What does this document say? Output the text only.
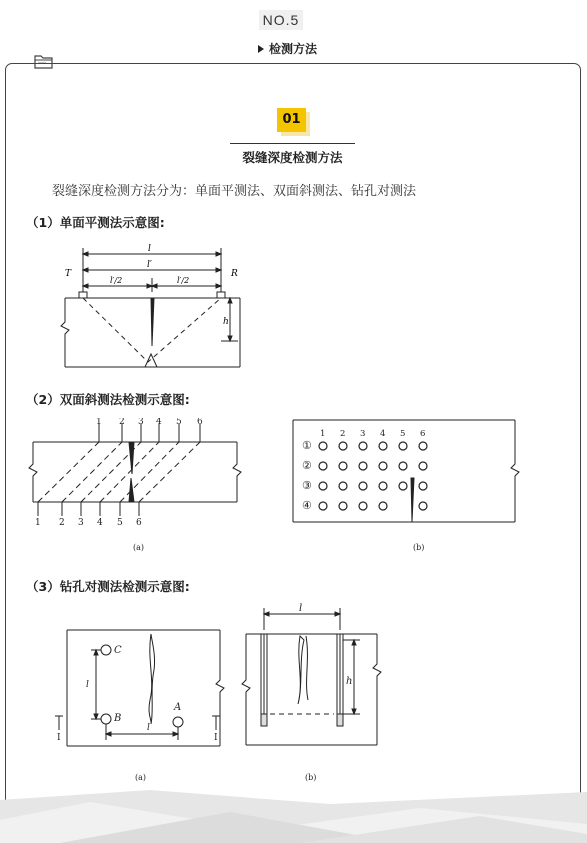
NO.5
检测方法
01
裂缝深度检测方法
裂缝深度检测方法分为：单面平测法、双面斜测法、钻孔对测法
（1）单面平测法示意图:
（2）双面斜测法检测示意图:
（3）钻孔对测法检测示意图:
l
l′
l′/2	l′/2
T	R
h
1 2 3 4 5 6
1 2 3 4 5 6
(a)
1 2 3 4 5 6
①
②
③
④
(b)
C
B
A
l
l
I	I
(a)
l
h
(b)
